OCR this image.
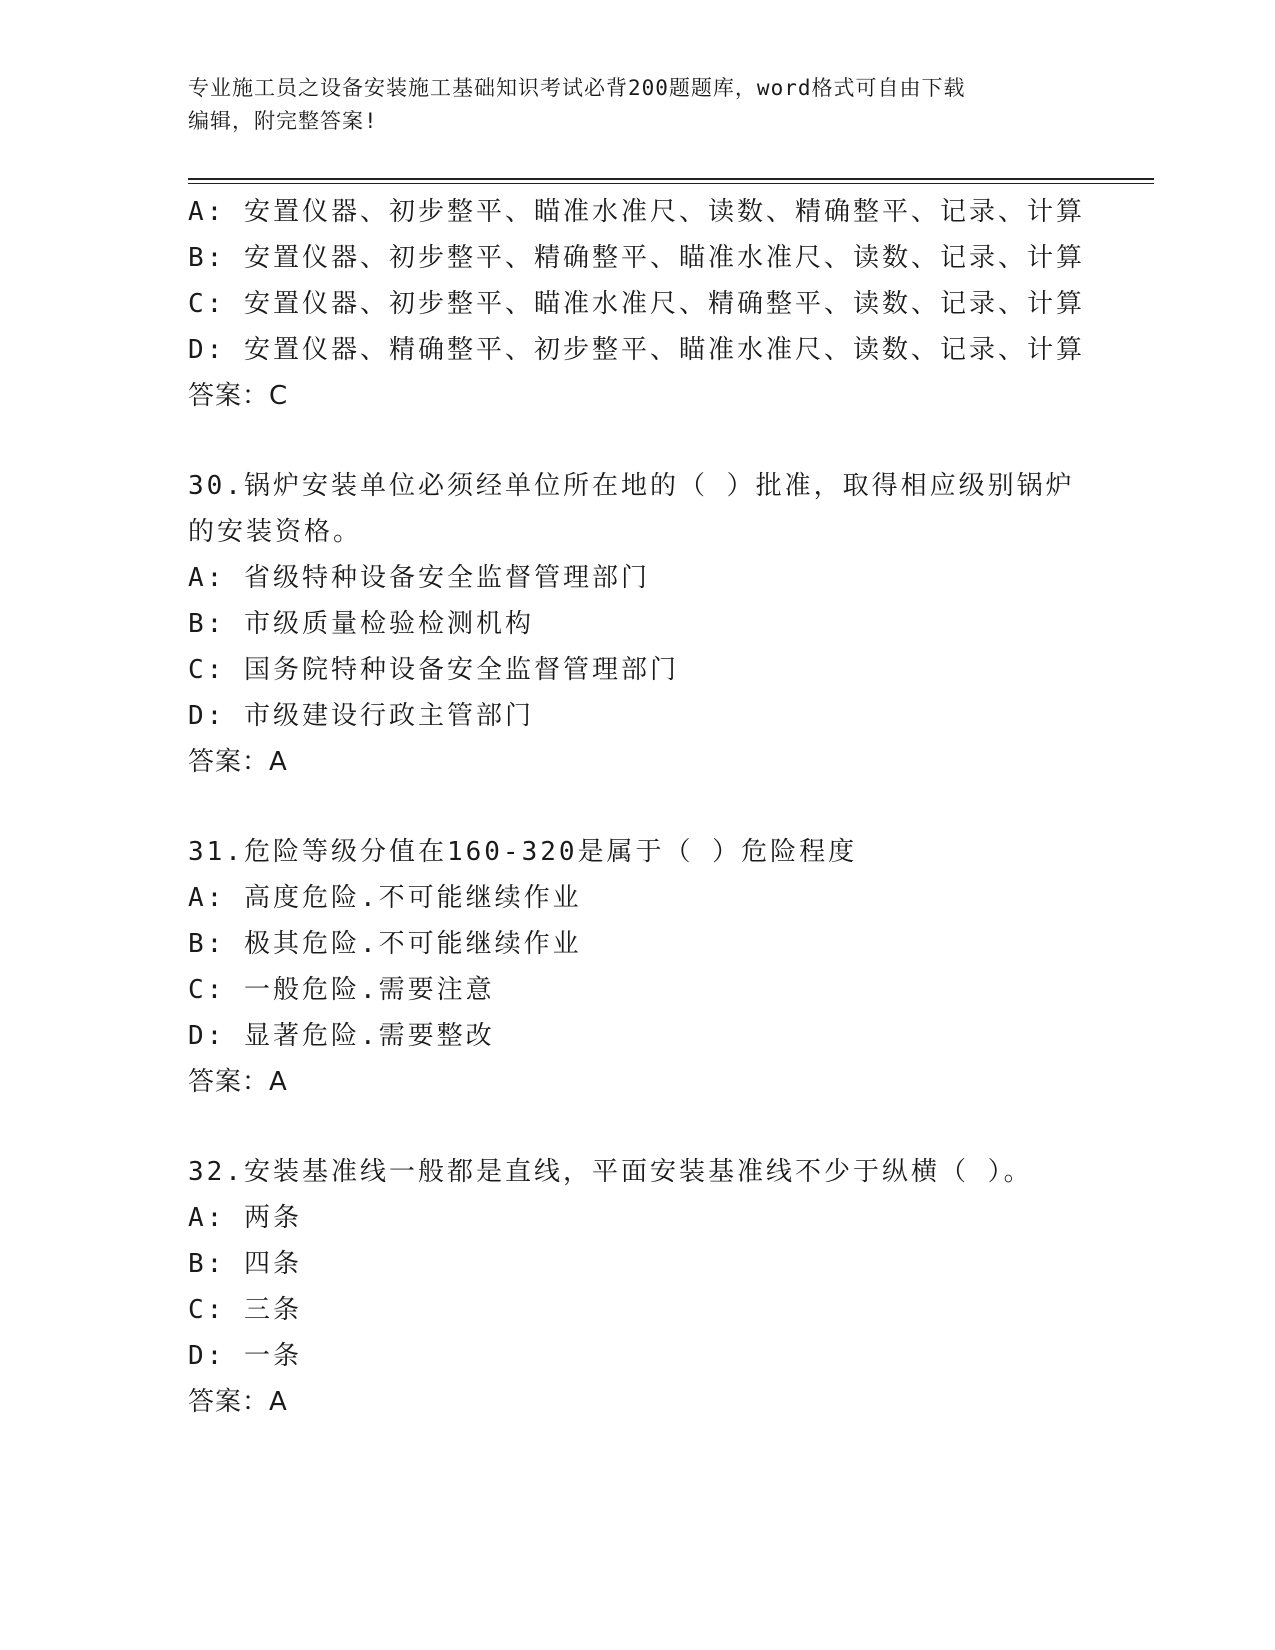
专业施工员之设备安装施工基础知识考试必背200题题库，word格式可自由下载
编辑，附完整答案!
A: 安置仪器、初步整平、瞄准水准尺、读数、精确整平、记录、计算
B: 安置仪器、初步整平、精确整平、瞄准水准尺、读数、记录、计算
C: 安置仪器、初步整平、瞄准水准尺、精确整平、读数、记录、计算
D: 安置仪器、精确整平、初步整平、瞄准水准尺、读数、记录、计算
答案：C
30.锅炉安装单位必须经单位所在地的（ ）批准，取得相应级别锅炉
的安装资格。
A: 省级特种设备安全监督管理部门
B: 市级质量检验检测机构
C: 国务院特种设备安全监督管理部门
D: 市级建设行政主管部门
答案：A
31.危险等级分值在160-320是属于（ ）危险程度
A: 高度危险.不可能继续作业
B: 极其危险.不可能继续作业
C: 一般危险.需要注意
D: 显著危险.需要整改
答案：A
32.安装基准线一般都是直线，平面安装基准线不少于纵横（ ）。
A: 两条
B: 四条
C: 三条
D: 一条
答案：A
